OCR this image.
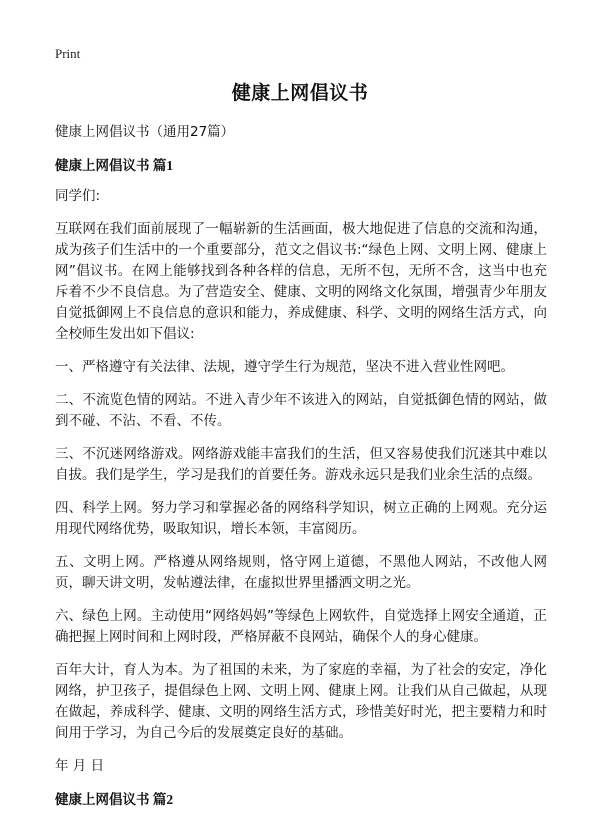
Print
健康上网倡议书

健康上网倡议书（通用27篇）

健康上网倡议书 篇1

同学们:

互联网在我们面前展现了一幅崭新的生活画面，极大地促进了信息的交流和沟通，成为孩子们生活中的一个重要部分，范文之倡议书:“绿色上网、文明上网、健康上网”倡议书。在网上能够找到各种各样的信息，无所不包，无所不含，这当中也充斥着不少不良信息。为了营造安全、健康、文明的网络文化氛围，增强青少年朋友自觉抵御网上不良信息的意识和能力，养成健康、科学、文明的网络生活方式，向全校师生发出如下倡议:

一、严格遵守有关法律、法规，遵守学生行为规范，坚决不进入营业性网吧。

二、不流览色情的网站。不进入青少年不该进入的网站，自觉抵御色情的网站，做到不碰、不沾、不看、不传。

三、不沉迷网络游戏。网络游戏能丰富我们的生活，但又容易使我们沉迷其中难以自拔。我们是学生，学习是我们的首要任务。游戏永远只是我们业余生活的点缀。

四、科学上网。努力学习和掌握必备的网络科学知识，树立正确的上网观。充分运用现代网络优势，吸取知识，增长本领，丰富阅历。

五、文明上网。严格遵从网络规则，恪守网上道德，不黑他人网站，不改他人网页，聊天讲文明，发帖遵法律，在虚拟世界里播洒文明之光。

六、绿色上网。主动使用“网络妈妈”等绿色上网软件，自觉选择上网安全通道，正确把握上网时间和上网时段，严格屏蔽不良网站，确保个人的身心健康。

百年大计，育人为本。为了祖国的未来，为了家庭的幸福，为了社会的安定，净化网络，护卫孩子，提倡绿色上网、文明上网、健康上网。让我们从自己做起，从现在做起，养成科学、健康、文明的网络生活方式，珍惜美好时光，把主要精力和时间用于学习，为自己今后的发展奠定良好的基础。

年 月 日

健康上网倡议书 篇2
